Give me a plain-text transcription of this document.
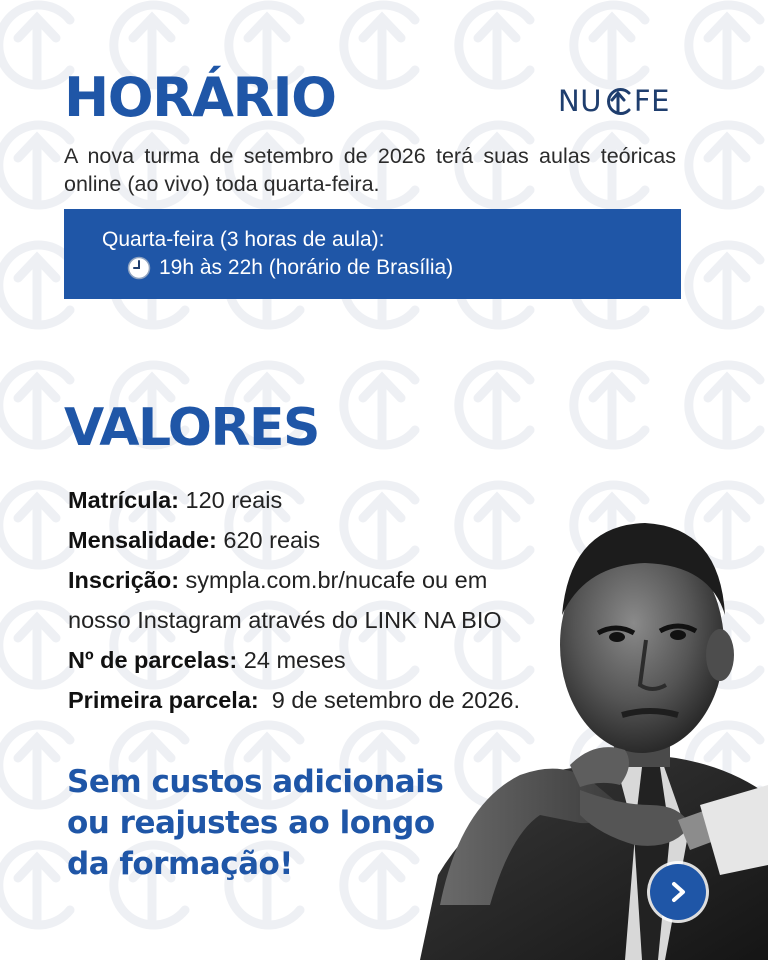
HORÁRIO	NU FE

A nova turma de setembro de 2026 terá suas aulas teóricas online (ao vivo) toda quarta-feira.

Quarta-feira (3 horas de aula):
19h às 22h (horário de Brasília)
VALORES
Matrícula: 120 reais
Mensalidade: 620 reais
Inscrição: sympla.com.br/nucafe ou em
nosso Instagram através do LINK NA BIO
Nº de parcelas: 24 meses
Primeira parcela:  9 de setembro de 2026.

Sem custos adicionais
ou reajustes ao longo
da formação!
